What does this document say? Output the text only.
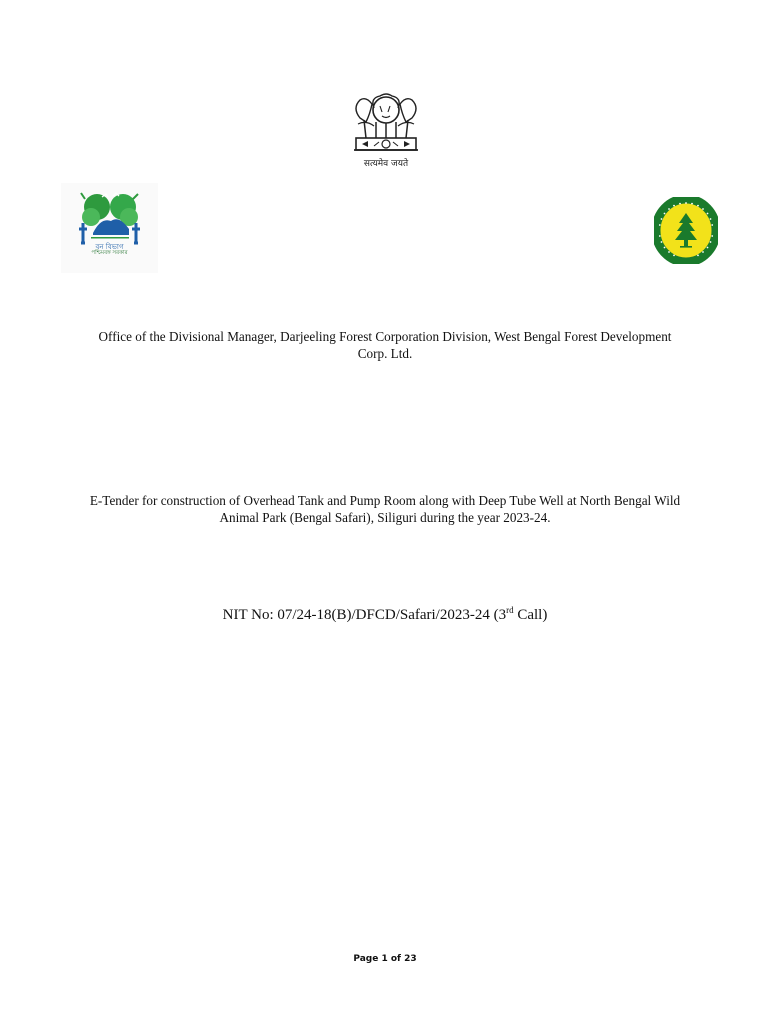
सत्यमेव जयते
বন বিভাগ
পশ্চিমবঙ্গ সরকার
Office of the Divisional Manager, Darjeeling Forest Corporation Division, West Bengal Forest Development
Corp. Ltd.
E-Tender for construction of Overhead Tank and Pump Room along with Deep Tube Well at North Bengal Wild
Animal Park (Bengal Safari), Siliguri during the year 2023-24.
NIT No: 07/24-18(B)/DFCD/Safari/2023-24 (3rd Call)
Page 1 of 23
